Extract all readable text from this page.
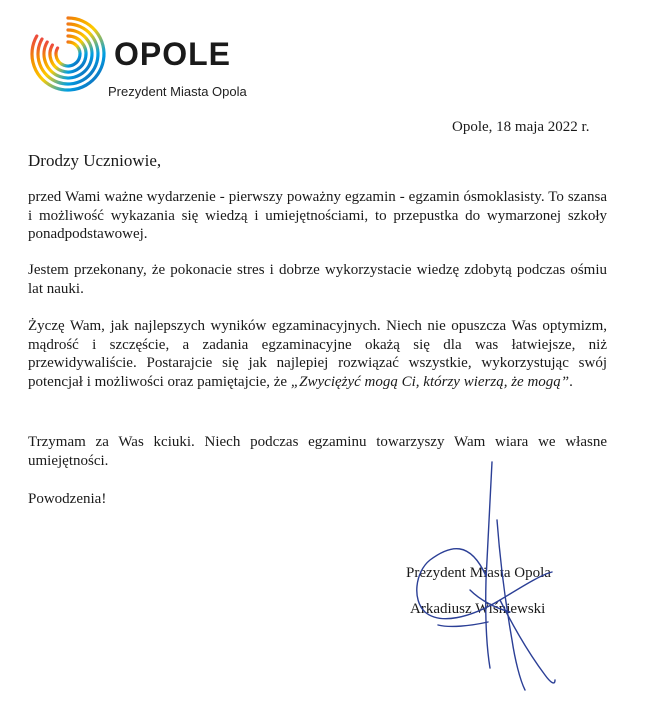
OPOLE
Prezydent Miasta Opola
Opole, 18 maja 2022 r.
Drodzy Uczniowie,

przed Wami ważne wydarzenie - pierwszy poważny egzamin - egzamin ósmoklasisty. To szansa i możliwość wykazania się wiedzą i umiejętnościami, to przepustka do wymarzonej szkoły ponadpodstawowej.

Jestem przekonany, że pokonacie stres i dobrze wykorzystacie wiedzę zdobytą podczas ośmiu lat nauki.

Życzę Wam, jak najlepszych wyników egzaminacyjnych. Niech nie opuszcza Was optymizm, mądrość i szczęście, a zadania egzaminacyjne okażą się dla was łatwiejsze, niż przewidywaliście. Postarajcie się jak najlepiej rozwiązać wszystkie, wykorzystując swój potencjał i możliwości oraz pamiętajcie, że „Zwyciężyć mogą Ci, którzy wierzą, że mogą”.

Trzymam za Was kciuki. Niech podczas egzaminu towarzyszy Wam wiara we własne umiejętności.

Powodzenia!
Prezydent Miasta Opola
Arkadiusz Wiśniewski
